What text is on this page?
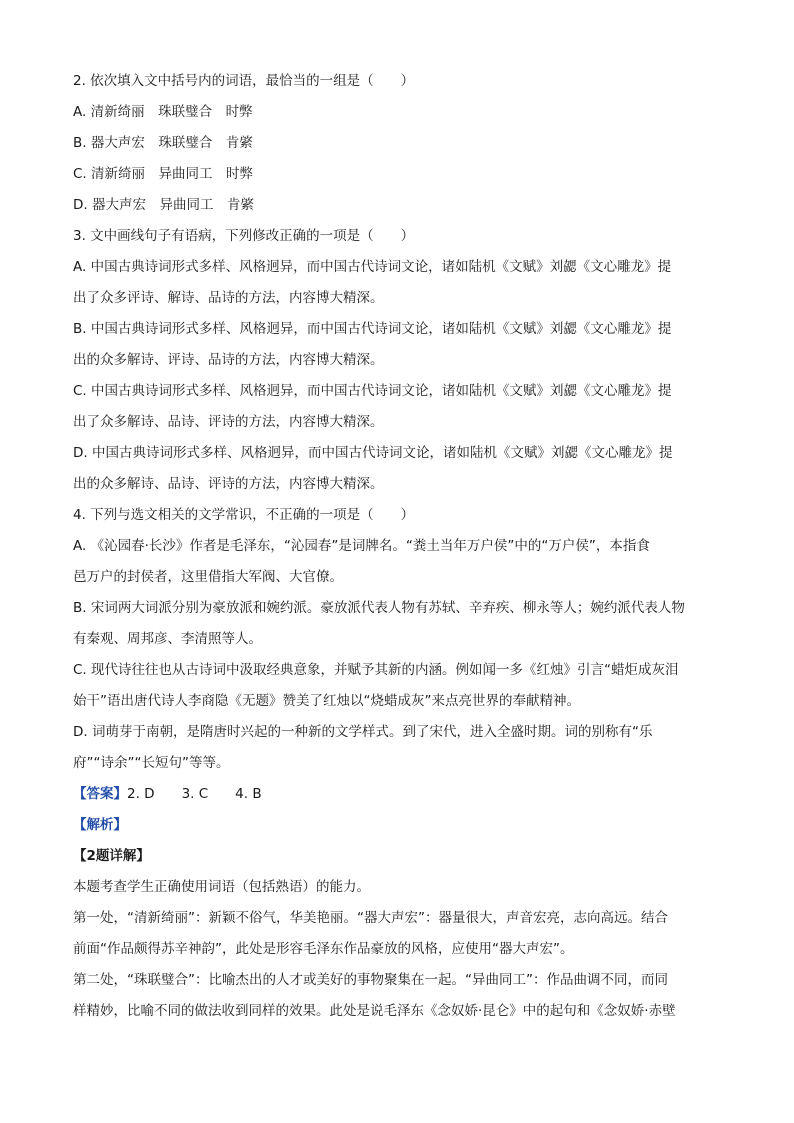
2. 依次填入文中括号内的词语，最恰当的一组是（　　）
A. 清新绮丽　珠联璧合　时弊
B. 器大声宏　珠联璧合　肯綮
C. 清新绮丽　异曲同工　时弊
D. 器大声宏　异曲同工　肯綮
3. 文中画线句子有语病，下列修改正确的一项是（　　）
A. 中国古典诗词形式多样、风格迥异，而中国古代诗词文论，诸如陆机《文赋》刘勰《文心雕龙》提
出了众多评诗、解诗、品诗的方法，内容博大精深。
B. 中国古典诗词形式多样、风格迥异，而中国古代诗词文论，诸如陆机《文赋》刘勰《文心雕龙》提
出的众多解诗、评诗、品诗的方法，内容博大精深。
C. 中国古典诗词形式多样、风格迥异，而中国古代诗词文论，诸如陆机《文赋》刘勰《文心雕龙》提
出了众多解诗、品诗、评诗的方法，内容博大精深。
D. 中国古典诗词形式多样、风格迥异，而中国古代诗词文论，诸如陆机《文赋》刘勰《文心雕龙》提
出的众多解诗、品诗、评诗的方法，内容博大精深。
4. 下列与选文相关的文学常识，不正确的一项是（　　）
A. 《沁园春·长沙》作者是毛泽东，“沁园春”是词牌名。“粪土当年万户侯”中的“万户侯”，本指食
邑万户的封侯者，这里借指大军阀、大官僚。
B. 宋词两大词派分别为豪放派和婉约派。豪放派代表人物有苏轼、辛弃疾、柳永等人；婉约派代表人物
有秦观、周邦彦、李清照等人。
C. 现代诗往往也从古诗词中汲取经典意象，并赋予其新的内涵。例如闻一多《红烛》引言“蜡炬成灰泪
始干”语出唐代诗人李商隐《无题》赞美了红烛以“烧蜡成灰”来点亮世界的奉献精神。
D. 词萌芽于南朝，是隋唐时兴起的一种新的文学样式。到了宋代，进入全盛时期。词的别称有“乐
府”“诗余”“长短句”等等。
【答案】2. D　　3. C　　4. B
【解析】
【2题详解】
本题考查学生正确使用词语（包括熟语）的能力。
第一处，“清新绮丽”：新颖不俗气，华美艳丽。“器大声宏”：器量很大，声音宏亮，志向高远。结合
前面“作品颇得苏辛神韵”，此处是形容毛泽东作品豪放的风格，应使用“器大声宏”。
第二处，“珠联璧合”：比喻杰出的人才或美好的事物聚集在一起。“异曲同工”：作品曲调不同，而同
样精妙，比喻不同的做法收到同样的效果。此处是说毛泽东《念奴娇·昆仑》中的起句和《念奴娇·赤壁
